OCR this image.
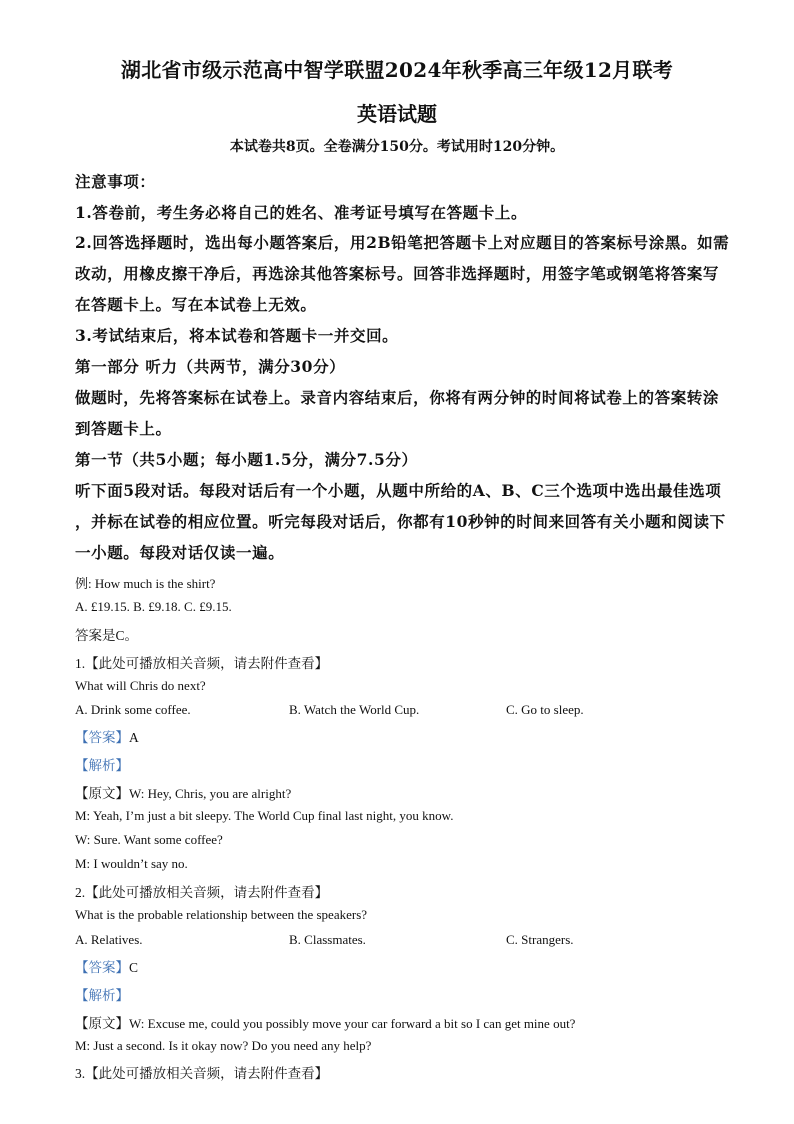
湖北省市级示范高中智学联盟2024年秋季高三年级12月联考
英语试题
本试卷共8页。全卷满分150分。考试用时120分钟。
注意事项：
1.答卷前，考生务必将自己的姓名、准考证号填写在答题卡上。
2.回答选择题时，选出每小题答案后，用2B铅笔把答题卡上对应题目的答案标号涂黑。如需
改动，用橡皮擦干净后，再选涂其他答案标号。回答非选择题时，用签字笔或钢笔将答案写
在答题卡上。写在本试卷上无效。
3.考试结束后，将本试卷和答题卡一并交回。
第一部分 听力（共两节，满分30分）
做题时，先将答案标在试卷上。录音内容结束后，你将有两分钟的时间将试卷上的答案转涂
到答题卡上。
第一节（共5小题；每小题1.5分，满分7.5分）
听下面5段对话。每段对话后有一个小题，从题中所给的A、B、C三个选项中选出最佳选项
，并标在试卷的相应位置。听完每段对话后，你都有10秒钟的时间来回答有关小题和阅读下
一小题。每段对话仅读一遍。
例: How much is the shirt?
A. £19.15. B. £9.18. C. £9.15.
答案是C。
1.【此处可播放相关音频，请去附件查看】
What will Chris do next?
A. Drink some coffee.	B. Watch the World Cup.	C. Go to sleep.
【答案】A
【解析】
【原文】W: Hey, Chris, you are alright?
M: Yeah, I’m just a bit sleepy. The World Cup final last night, you know.
W: Sure. Want some coffee?
M: I wouldn’t say no.
2.【此处可播放相关音频，请去附件查看】
What is the probable relationship between the speakers?
A. Relatives.	B. Classmates.	C. Strangers.
【答案】C
【解析】
【原文】W: Excuse me, could you possibly move your car forward a bit so I can get mine out?
M: Just a second. Is it okay now? Do you need any help?
3.【此处可播放相关音频，请去附件查看】
